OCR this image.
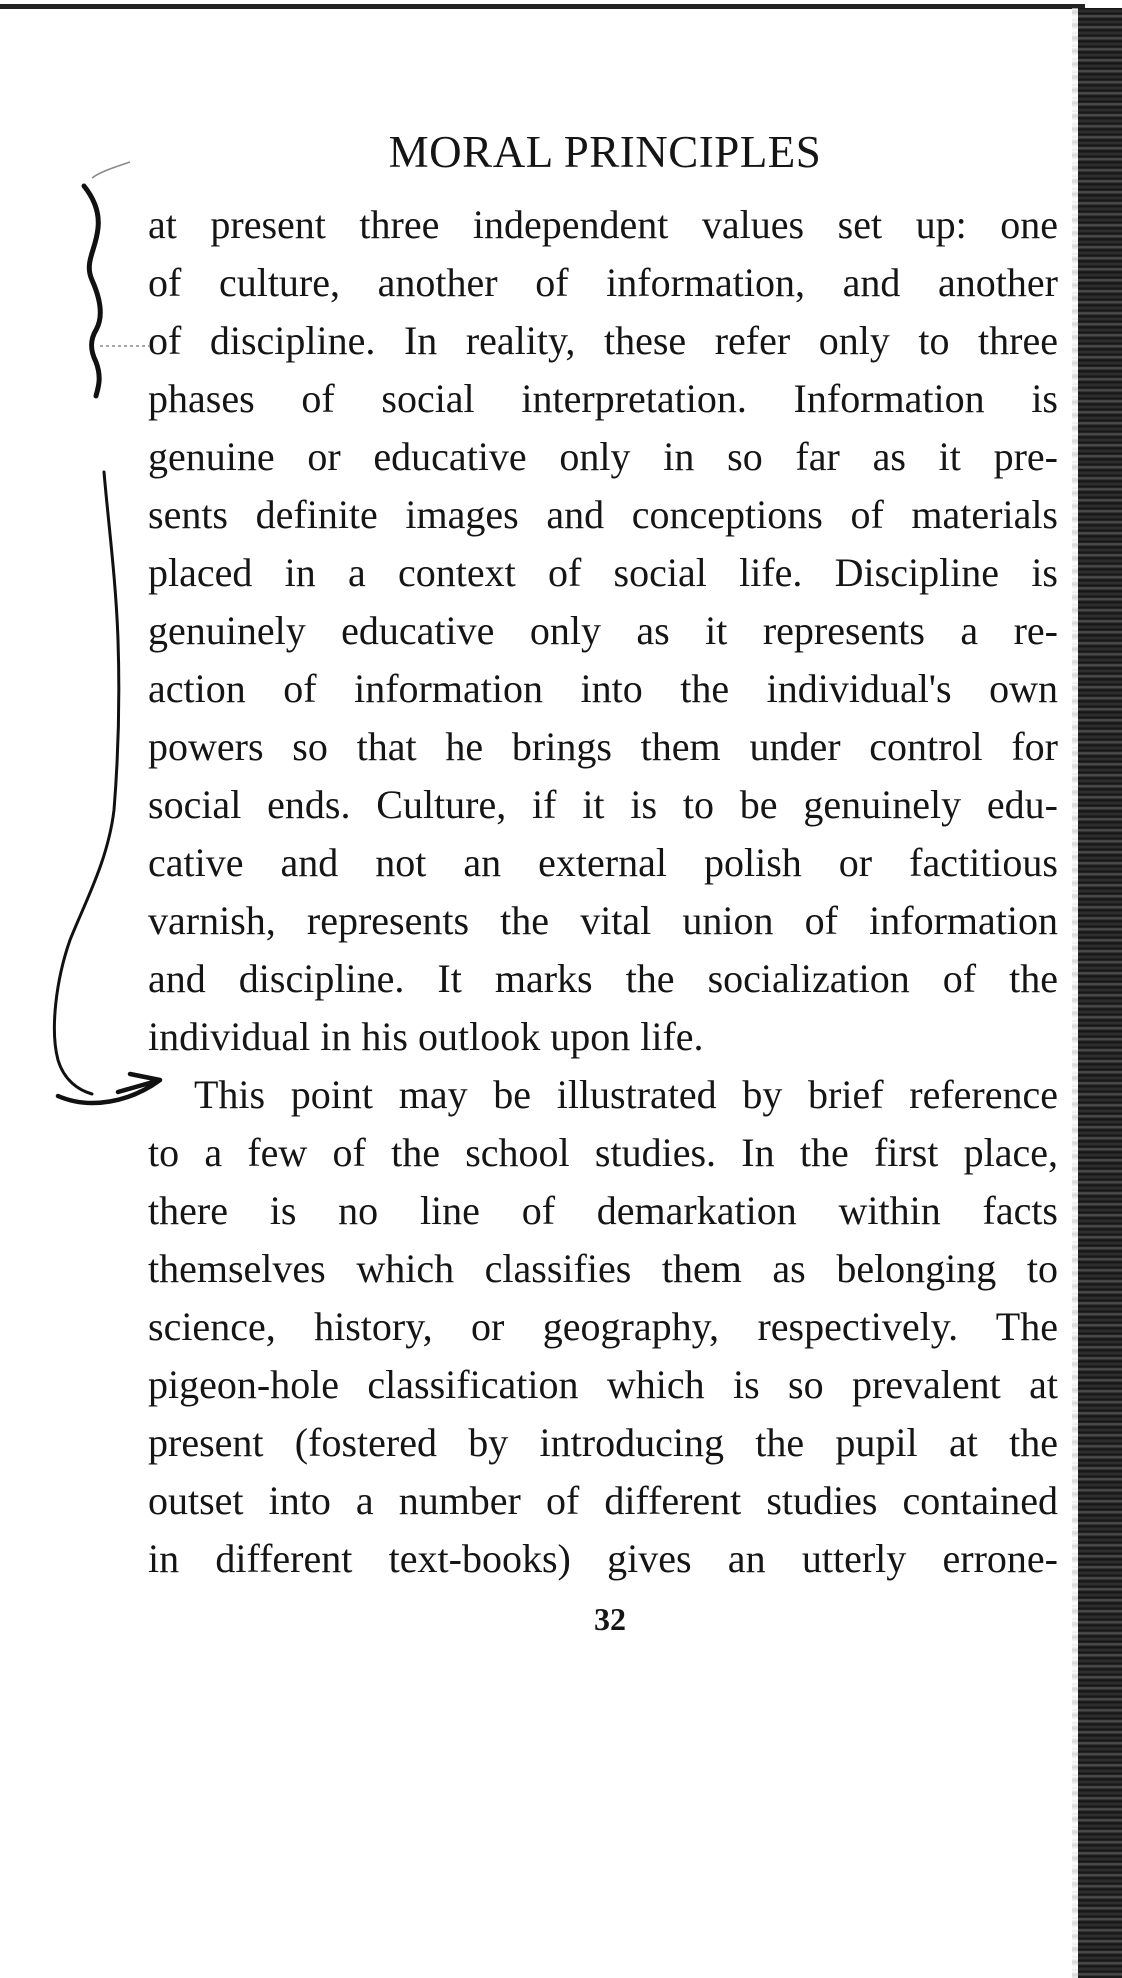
MORAL PRINCIPLES
at present three independent values set up: one
of culture, another of information, and another
of discipline. In reality, these refer only to three
phases of social interpretation. Information is
genuine or educative only in so far as it pre-
sents definite images and conceptions of materials
placed in a context of social life. Discipline is
genuinely educative only as it represents a re-
action of information into the individual's own
powers so that he brings them under control for
social ends. Culture, if it is to be genuinely edu-
cative and not an external polish or factitious
varnish, represents the vital union of information
and discipline. It marks the socialization of the
individual in his outlook upon life.
This point may be illustrated by brief reference
to a few of the school studies. In the first place,
there is no line of demarkation within facts
themselves which classifies them as belonging to
science, history, or geography, respectively. The
pigeon-hole classification which is so prevalent at
present (fostered by introducing the pupil at the
outset into a number of different studies contained
in different text-books) gives an utterly errone-
32
